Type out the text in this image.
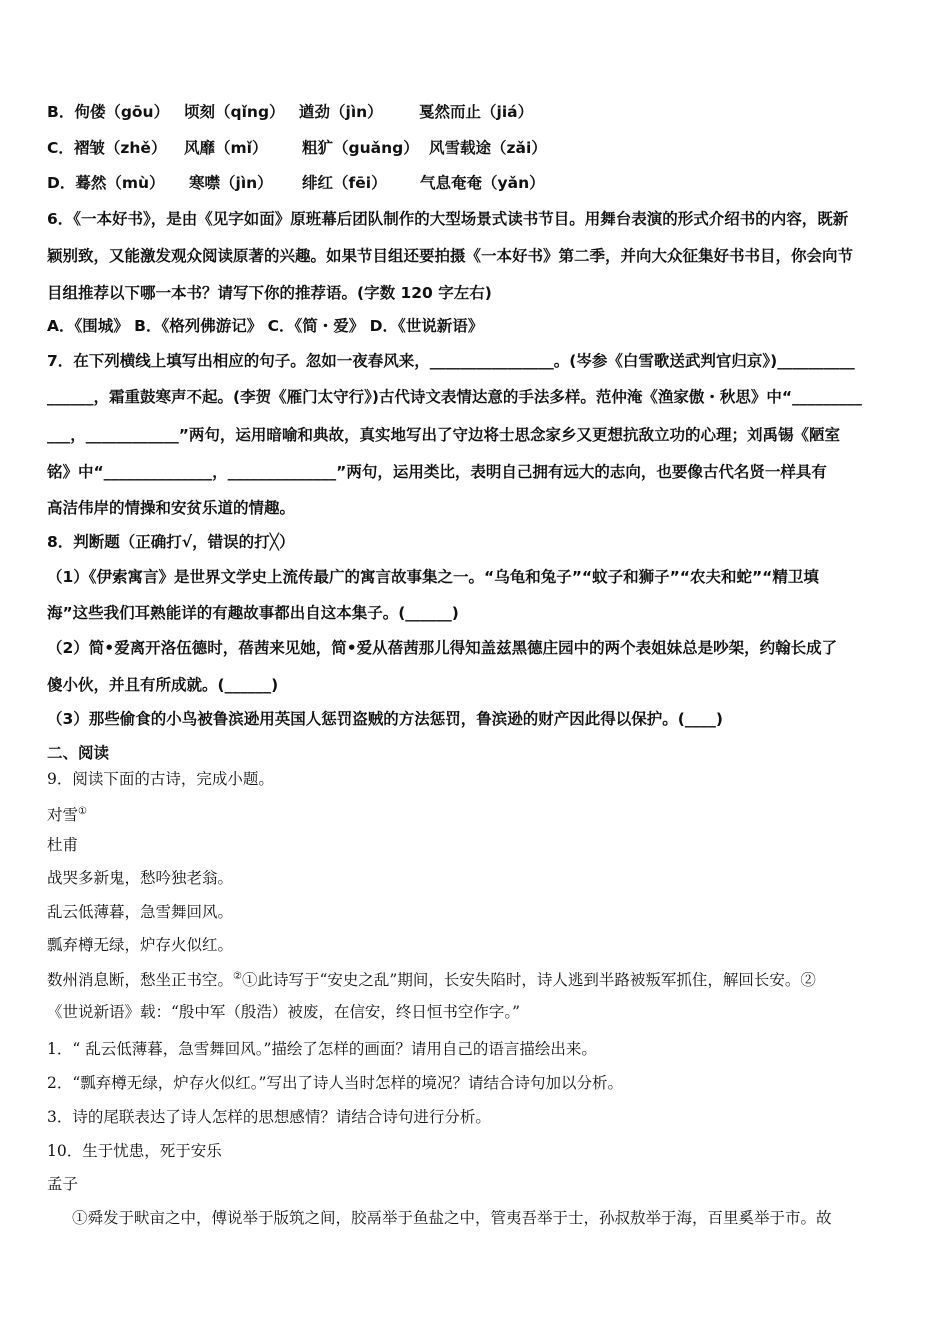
B．佝偻（gōu） 顷刻（qǐng） 遒劲（jìn） 戛然而止（jiá）
C．褶皱（zhě） 风靡（mǐ） 粗犷（guǎng） 风雪载途（zǎi）
D．蓦然（mù） 寒噤（jìn） 绯红（fēi） 气息奄奄（yǎn）
6．《一本好书》，是由《见字如面》原班幕后团队制作的大型场景式读书节目。用舞台表演的形式介绍书的内容，既新
颖别致，又能激发观众阅读原著的兴趣。如果节目组还要拍摄《一本好书》第二季，并向大众征集好书书目，你会向节
目组推荐以下哪一本书？请写下你的推荐语。(字数 120 字左右)
A．《围城》 B．《格列佛游记》 C．《简・爱》 D．《世说新语》
7．在下列横线上填写出相应的句子。忽如一夜春风来，________________。(岑参《白雪歌送武判官归京》)__________
______，霜重鼓寒声不起。(李贺《雁门太守行》)古代诗文表情达意的手法多样。范仲淹《渔家傲・秋思》中“_________
___，____________”两句，运用暗喻和典故，真实地写出了守边将士思念家乡又更想抗敌立功的心理；刘禹锡《陋室
铭》中“______________，______________”两句，运用类比，表明自己拥有远大的志向，也要像古代名贤一样具有
高洁伟岸的情操和安贫乐道的情趣。
8．判断题（正确打√，错误的打╳）
（1）《伊索寓言》是世界文学史上流传最广的寓言故事集之一。“乌龟和兔子”“蚊子和狮子”“农夫和蛇”“精卫填
海”这些我们耳熟能详的有趣故事都出自这本集子。(______)
（2）简•爱离开洛伍德时，蓓茜来见她，简•爱从蓓茜那儿得知盖兹黑德庄园中的两个表姐妹总是吵架，约翰长成了
傻小伙，并且有所成就。(______)
（3）那些偷食的小鸟被鲁滨逊用英国人惩罚盗贼的方法惩罚，鲁滨逊的财产因此得以保护。(____)
二、阅读
9．阅读下面的古诗，完成小题。
对雪①
杜甫
战哭多新鬼，愁吟独老翁。
乱云低薄暮，急雪舞回风。
瓢弃樽无绿，炉存火似红。
数州消息断，愁坐正书空。②①此诗写于“安史之乱”期间，长安失陷时，诗人逃到半路被叛军抓住，解回长安。②
《世说新语》载：“殷中军（殷浩）被废，在信安，终日恒书空作字。”
1．“ 乱云低薄暮，急雪舞回风。”描绘了怎样的画面？请用自己的语言描绘出来。
2．“瓢弃樽无绿，炉存火似红。”写出了诗人当时怎样的境况？请结合诗句加以分析。
3．诗的尾联表达了诗人怎样的思想感情？请结合诗句进行分析。
10．生于忧患，死于安乐
孟子
①舜发于畎亩之中，傅说举于版筑之间，胶鬲举于鱼盐之中，管夷吾举于士，孙叔敖举于海，百里奚举于市。故
